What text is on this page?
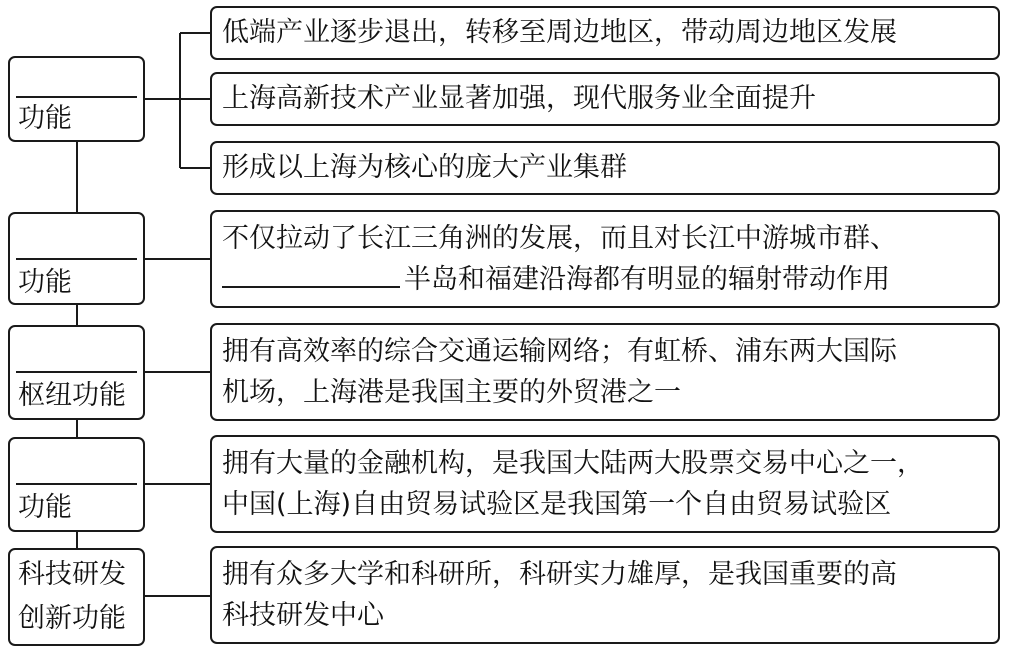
功能
低端产业逐步退出，转移至周边地区，带动周边地区发展
上海高新技术产业显著加强，现代服务业全面提升
形成以上海为核心的庞大产业集群
功能
不仅拉动了长江三角洲的发展，而且对长江中游城市群、
半岛和福建沿海都有明显的辐射带动作用
枢纽功能
拥有高效率的综合交通运输网络；有虹桥、浦东两大国际
机场，上海港是我国主要的外贸港之一
功能
拥有大量的金融机构，是我国大陆两大股票交易中心之一，
中国(上海)自由贸易试验区是我国第一个自由贸易试验区
科技研发
创新功能
拥有众多大学和科研所，科研实力雄厚，是我国重要的高
科技研发中心
